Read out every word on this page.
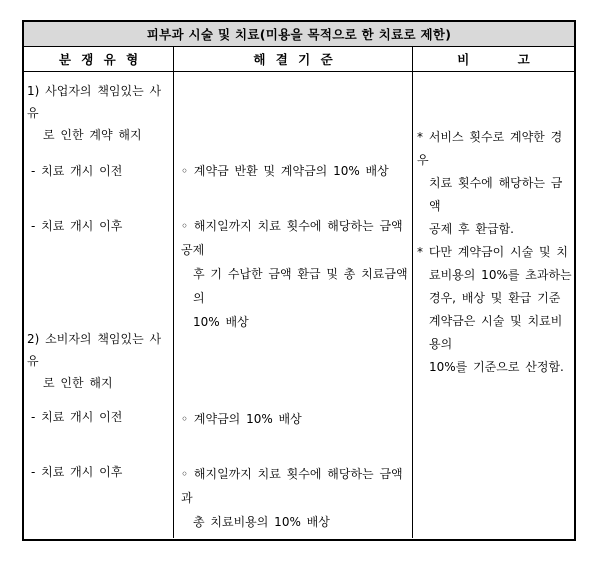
피부과 시술 및 치료(미용을 목적으로 한 치료로 제한)
분 쟁 유 형	해 결 기 준	비 고
1) 사업자의 책임있는 사유
로 인한 계약 해지
- 치료 개시 이전
- 치료 개시 이후
2) 소비자의 책임있는 사유
로 인한 해지
- 치료 개시 이전
- 치료 개시 이후
◦ 계약금 반환 및 계약금의 10% 배상
◦ 해지일까지 치료 횟수에 해당하는 금액 공제
후 기 수납한 금액 환급 및 총 치료금액의
10% 배상
◦ 계약금의 10% 배상
◦ 해지일까지 치료 횟수에 해당하는 금액과
총 치료비용의 10% 배상
* 서비스 횟수로 계약한 경우
치료 횟수에 해당하는 금액
공제 후 환급함.
* 다만 계약금이 시술 및 치
료비용의 10%를 초과하는
경우, 배상 및 환급 기준
계약금은 시술 및 치료비용의
10%를 기준으로 산정함.
